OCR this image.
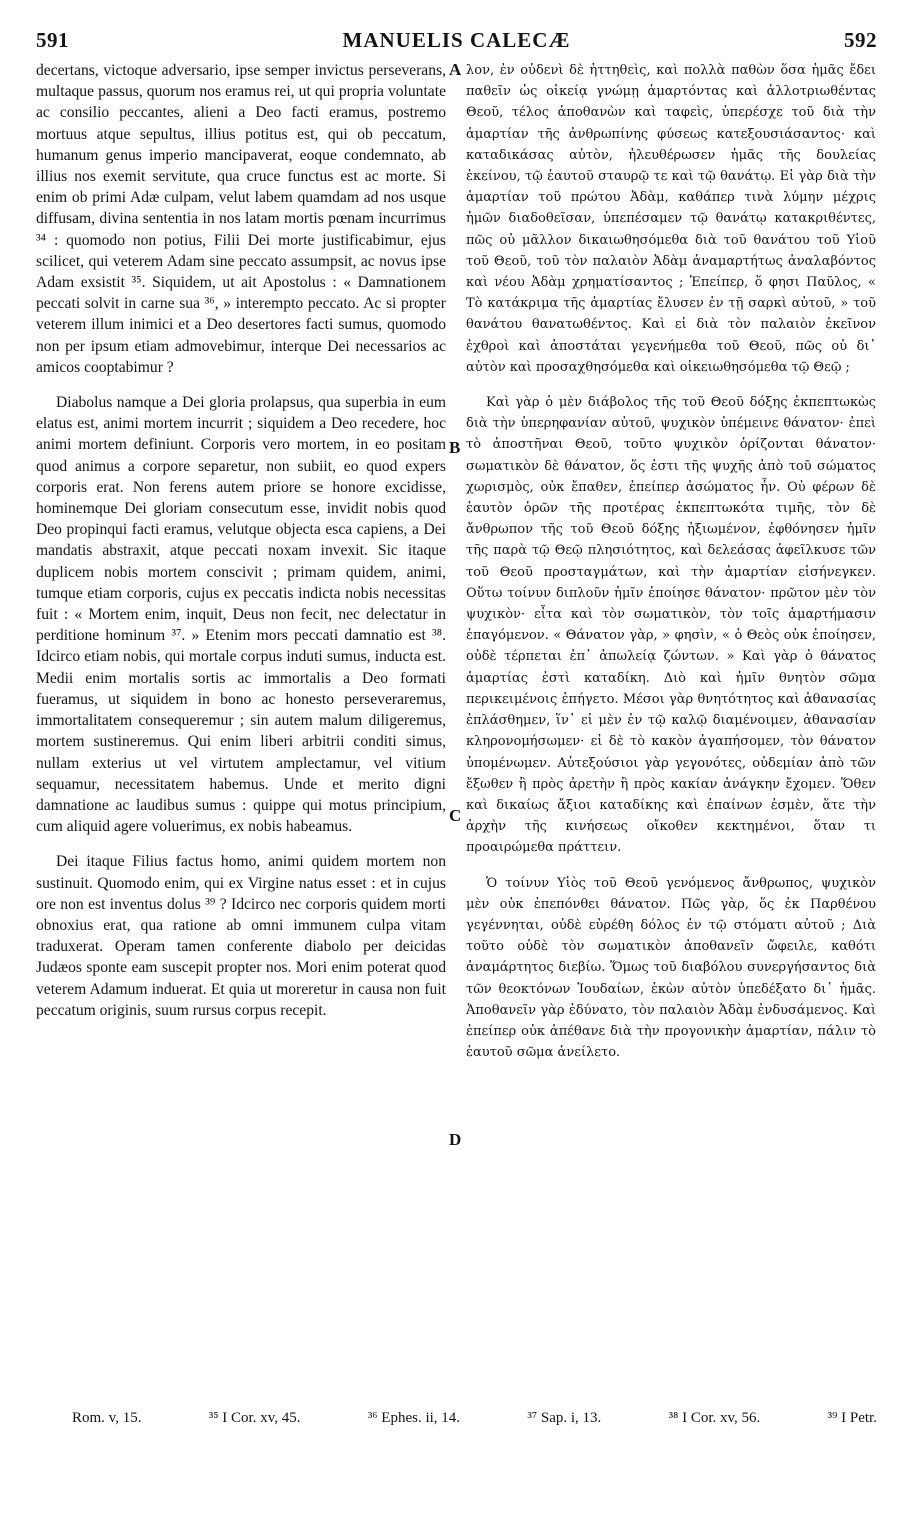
591	MANUELIS CALECÆ	592

decertans, victoque adversario, ipse semper invictus perseverans, multaque passus, quorum nos eramus rei, ut qui propria voluntate ac consilio peccantes, alieni a Deo facti eramus, postremo mortuus atque sepultus, illius potitus est, qui ob peccatum, humanum genus imperio mancipaverat, eoque condemnato, ab illius nos exemit servitute, qua cruce functus est ac morte. Si enim ob primi Adæ culpam, velut labem quamdam ad nos usque diffusam, divina sententia in nos latam mortis pœnam incurrimus ³⁴ : quomodo non potius, Filii Dei morte justificabimur, ejus scilicet, qui veterem Adam sine peccato assumpsit, ac novus ipse Adam exsistit ³⁵. Siquidem, ut ait Apostolus : « Damnationem peccati solvit in carne sua ³⁶, » interempto peccato. Ac si propter veterem illum inimici et a Deo desertores facti sumus, quomodo non per ipsum etiam admovebimur, interque Dei necessarios ac amicos cooptabimur ?

Diabolus namque a Dei gloria prolapsus, qua superbia in eum elatus est, animi mortem incurrit ; siquidem a Deo recedere, hoc animi mortem definiunt. Corporis vero mortem, in eo positam quod animus a corpore separetur, non subiit, eo quod expers corporis erat. Non ferens autem priore se honore excidisse, hominemque Dei gloriam consecutum esse, invidit nobis quod Deo propinqui facti eramus, velutque objecta esca capiens, a Dei mandatis abstraxit, atque peccati noxam invexit. Sic itaque duplicem nobis mortem conscivit ; primam quidem, animi, tumque etiam corporis, cujus ex peccatis indicta nobis necessitas fuit : « Mortem enim, inquit, Deus non fecit, nec delectatur in perditione hominum ³⁷. » Etenim mors peccati damnatio est ³⁸. Idcirco etiam nobis, qui mortale corpus induti sumus, inducta est. Medii enim mortalis sortis ac immortalis a Deo formati fueramus, ut siquidem in bono ac honesto perseveraremus, immortalitatem consequeremur ; sin autem malum diligeremus, mortem sustineremus. Qui enim liberi arbitrii conditi simus, nullam exterius ut vel virtutem amplectamur, vel vitium sequamur, necessitatem habemus. Unde et merito digni damnatione ac laudibus sumus : quippe qui motus principium, cum aliquid agere voluerimus, ex nobis habeamus.

Dei itaque Filius factus homo, animi quidem mortem non sustinuit. Quomodo enim, qui ex Virgine natus esset : et in cujus ore non est inventus dolus ³⁹ ? Idcirco nec corporis quidem morti obnoxius erat, qua ratione ab omni immunem culpa vitam traduxerat. Operam tamen conferente diabolo per deicidas Judæos sponte eam suscepit propter nos. Mori enim poterat quod veterem Adamum induerat. Et quia ut moreretur in causa non fuit peccatum originis, suum rursus corpus recepit.

λον, ἐν οὐδενὶ δὲ ἡττηθεὶς, καὶ πολλὰ παθὼν ὅσα ἡμᾶς ἔδει παθεῖν ὡς οἰκείᾳ γνώμῃ ἁμαρτόντας καὶ ἀλλοτριωθέντας Θεοῦ, τέλος ἀποθανὼν καὶ ταφεὶς, ὑπερέσχε τοῦ διὰ τὴν ἁμαρτίαν τῆς ἀνθρωπίνης φύσεως κατεξουσιάσαντος· καὶ καταδικάσας αὐτὸν, ἠλευθέρωσεν ἡμᾶς τῆς δουλείας ἐκείνου, τῷ ἑαυτοῦ σταυρῷ τε καὶ τῷ θανάτῳ. Εἰ γὰρ διὰ τὴν ἁμαρτίαν τοῦ πρώτου Ἀδὰμ, καθάπερ τινὰ λύμην μέχρις ἡμῶν διαδοθεῖσαν, ὑπεπέσαμεν τῷ θανάτῳ κατακριθέντες, πῶς οὐ μᾶλλον δικαιωθησόμεθα διὰ τοῦ θανάτου τοῦ Υἱοῦ τοῦ Θεοῦ, τοῦ τὸν παλαιὸν Ἀδὰμ ἀναμαρτήτως ἀναλαβόντος καὶ νέου Ἀδὰμ χρηματίσαντος ; Ἐπείπερ, ὅ φησι Παῦλος, « Τὸ κατάκριμα τῆς ἁμαρτίας ἔλυσεν ἐν τῇ σαρκὶ αὐτοῦ, » τοῦ θανάτου θανατωθέντος. Καὶ εἰ διὰ τὸν παλαιὸν ἐκεῖνον ἐχθροὶ καὶ ἀποστάται γεγενήμεθα τοῦ Θεοῦ, πῶς οὐ δι᾽ αὐτὸν καὶ προσαχθησόμεθα καὶ οἰκειωθησόμεθα τῷ Θεῷ ;

Καὶ γὰρ ὁ μὲν διάβολος τῆς τοῦ Θεοῦ δόξης ἐκπεπτωκὼς διὰ τὴν ὑπερηφανίαν αὐτοῦ, ψυχικὸν ὑπέμεινε θάνατον· ἐπεὶ τὸ ἀποστῆναι Θεοῦ, τοῦτο ψυχικὸν ὁρίζονται θάνατον· σωματικὸν δὲ θάνατον, ὅς ἐστι τῆς ψυχῆς ἀπὸ τοῦ σώματος χωρισμὸς, οὐκ ἔπαθεν, ἐπείπερ ἀσώματος ἦν. Οὐ φέρων δὲ ἑαυτὸν ὁρῶν τῆς προτέρας ἐκπεπτωκότα τιμῆς, τὸν δὲ ἄνθρωπον τῆς τοῦ Θεοῦ δόξης ἠξιωμένον, ἐφθόνησεν ἡμῖν τῆς παρὰ τῷ Θεῷ πλησιότητος, καὶ δελεάσας ἀφεῖλκυσε τῶν τοῦ Θεοῦ προσταγμάτων, καὶ τὴν ἁμαρτίαν εἰσήνεγκεν. Οὕτω τοίνυν διπλοῦν ἡμῖν ἐποίησε θάνατον· πρῶτον μὲν τὸν ψυχικὸν· εἶτα καὶ τὸν σωματικὸν, τὸν τοῖς ἁμαρτήμασιν ἐπαγόμενον. « Θάνατον γὰρ, » φησὶν, « ὁ Θεὸς οὐκ ἐποίησεν, οὐδὲ τέρπεται ἐπ᾽ ἀπωλείᾳ ζώντων. » Καὶ γὰρ ὁ θάνατος ἁμαρτίας ἐστὶ καταδίκη. Διὸ καὶ ἡμῖν θνητὸν σῶμα περικειμένοις ἐπήγετο. Μέσοι γὰρ θνητότητος καὶ ἀθανασίας ἐπλάσθημεν, ἵν᾽ εἰ μὲν ἐν τῷ καλῷ διαμένοιμεν, ἀθανασίαν κληρονομήσωμεν· εἰ δὲ τὸ κακὸν ἀγαπήσομεν, τὸν θάνατον ὑπομένωμεν. Αὐτεξούσιοι γὰρ γεγονότες, οὐδεμίαν ἀπὸ τῶν ἔξωθεν ἢ πρὸς ἀρετὴν ἢ πρὸς κακίαν ἀνάγκην ἔχομεν. Ὅθεν καὶ δικαίως ἄξιοι καταδίκης καὶ ἐπαίνων ἐσμὲν, ἅτε τὴν ἀρχὴν τῆς κινήσεως οἴκοθεν κεκτημένοι, ὅταν τι προαιρώμεθα πράττειν.

Ὁ τοίνυν Υἱὸς τοῦ Θεοῦ γενόμενος ἄνθρωπος, ψυχικὸν μὲν οὐκ ἐπεπόνθει θάνατον. Πῶς γὰρ, ὅς ἐκ Παρθένου γεγέννηται, οὐδὲ εὑρέθη δόλος ἐν τῷ στόματι αὐτοῦ ; Διὰ τοῦτο οὐδὲ τὸν σωματικὸν ἀποθανεῖν ὤφειλε, καθότι ἀναμάρτητος διεβίω. Ὅμως τοῦ διαβόλου συνεργήσαντος διὰ τῶν θεοκτόνων Ἰουδαίων, ἑκὼν αὐτὸν ὑπεδέξατο δι᾽ ἡμᾶς. Ἀποθανεῖν γὰρ ἐδύνατο, τὸν παλαιὸν Ἀδὰμ ἐνδυσάμενος. Καὶ ἐπείπερ οὐκ ἀπέθανε διὰ τὴν προγονικὴν ἁμαρτίαν, πάλιν τὸ ἑαυτοῦ σῶμα ἀνείλετο.

A
B
C
D
Rom. v, 15.	³⁵ I Cor. xv, 45.	³⁶ Ephes. ii, 14.	³⁷ Sap. i, 13.	³⁸ I Cor. xv, 56.	³⁹ I Petr.
